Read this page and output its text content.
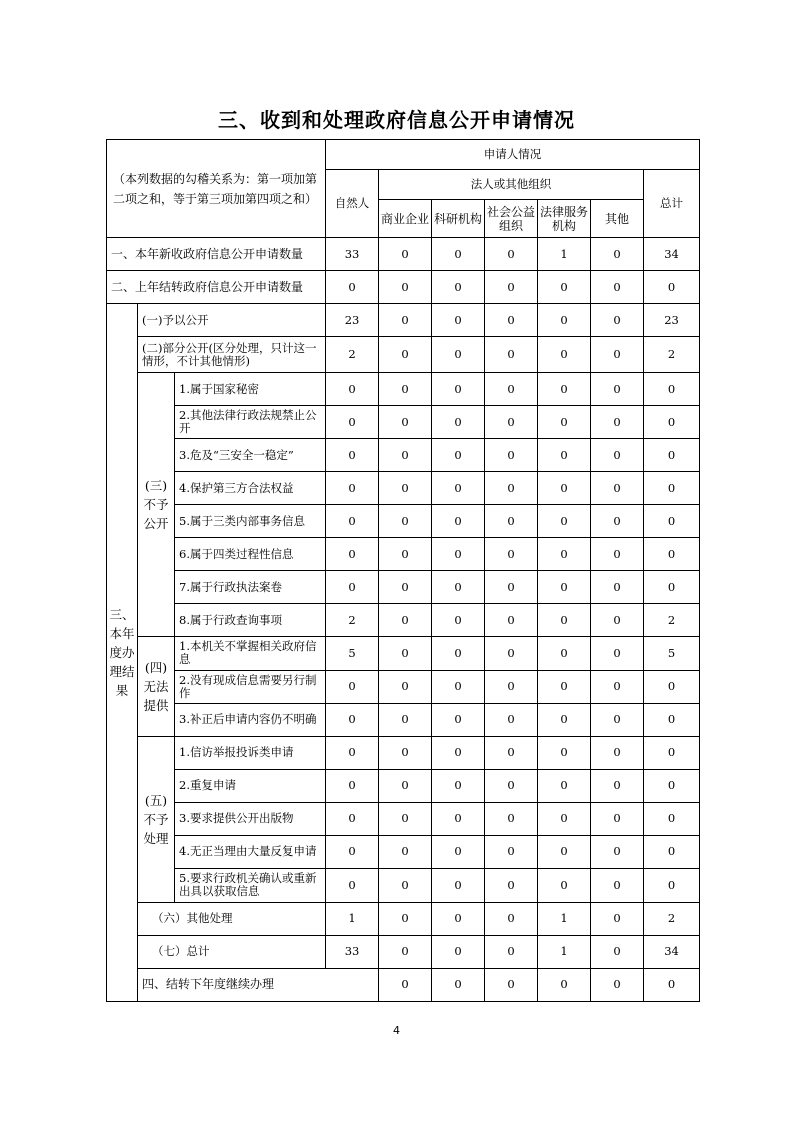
三、收到和处理政府信息公开申请情况
（本列数据的勾稽关系为：第一项加第二项之和，等于第三项加第四项之和）			申请人情况							
			自然人	法人或其他组织					总计	
				商业企业	科研机构	社会公益组织	法律服务机构	其他		
一、本年新收政府信息公开申请数量			33	0	0	0	1	0	34	
二、上年结转政府信息公开申请数量			0	0	0	0	0	0	0	
三、本年度办理结果	(一)予以公开		23	0	0	0	0	0	23	
	(二)部分公开(区分处理，只计这一情形，不计其他情形)		2	0	0	0	0	0	2	
	(三)不予公开	1.属于国家秘密	0	0	0	0	0	0	0	
		2.其他法律行政法规禁止公开	0	0	0	0	0	0	0	
		3.危及“三安全一稳定”	0	0	0	0	0	0	0	
		4.保护第三方合法权益	0	0	0	0	0	0	0	
		5.属于三类内部事务信息	0	0	0	0	0	0	0	
		6.属于四类过程性信息	0	0	0	0	0	0	0	
		7.属于行政执法案卷	0	0	0	0	0	0	0	
		8.属于行政查询事项	2	0	0	0	0	0	2	
	(四)无法提供	1.本机关不掌握相关政府信息	5	0	0	0	0	0	5	
		2.没有现成信息需要另行制作	0	0	0	0	0	0	0	
		3.补正后申请内容仍不明确	0	0	0	0	0	0	0	
	(五)不予处理	1.信访举报投诉类申请	0	0	0	0	0	0	0	
		2.重复申请	0	0	0	0	0	0	0	
		3.要求提供公开出版物	0	0	0	0	0	0	0	
		4.无正当理由大量反复申请	0	0	0	0	0	0	0	
		5.要求行政机关确认或重新出具以获取信息	0	0	0	0	0	0	0	
	（六）其他处理		1	0	0	0	1	0	2	
	（七）总计		33	0	0	0	1	0	34	
	四、结转下年度继续办理			0	0	0	0	0	0	
4
